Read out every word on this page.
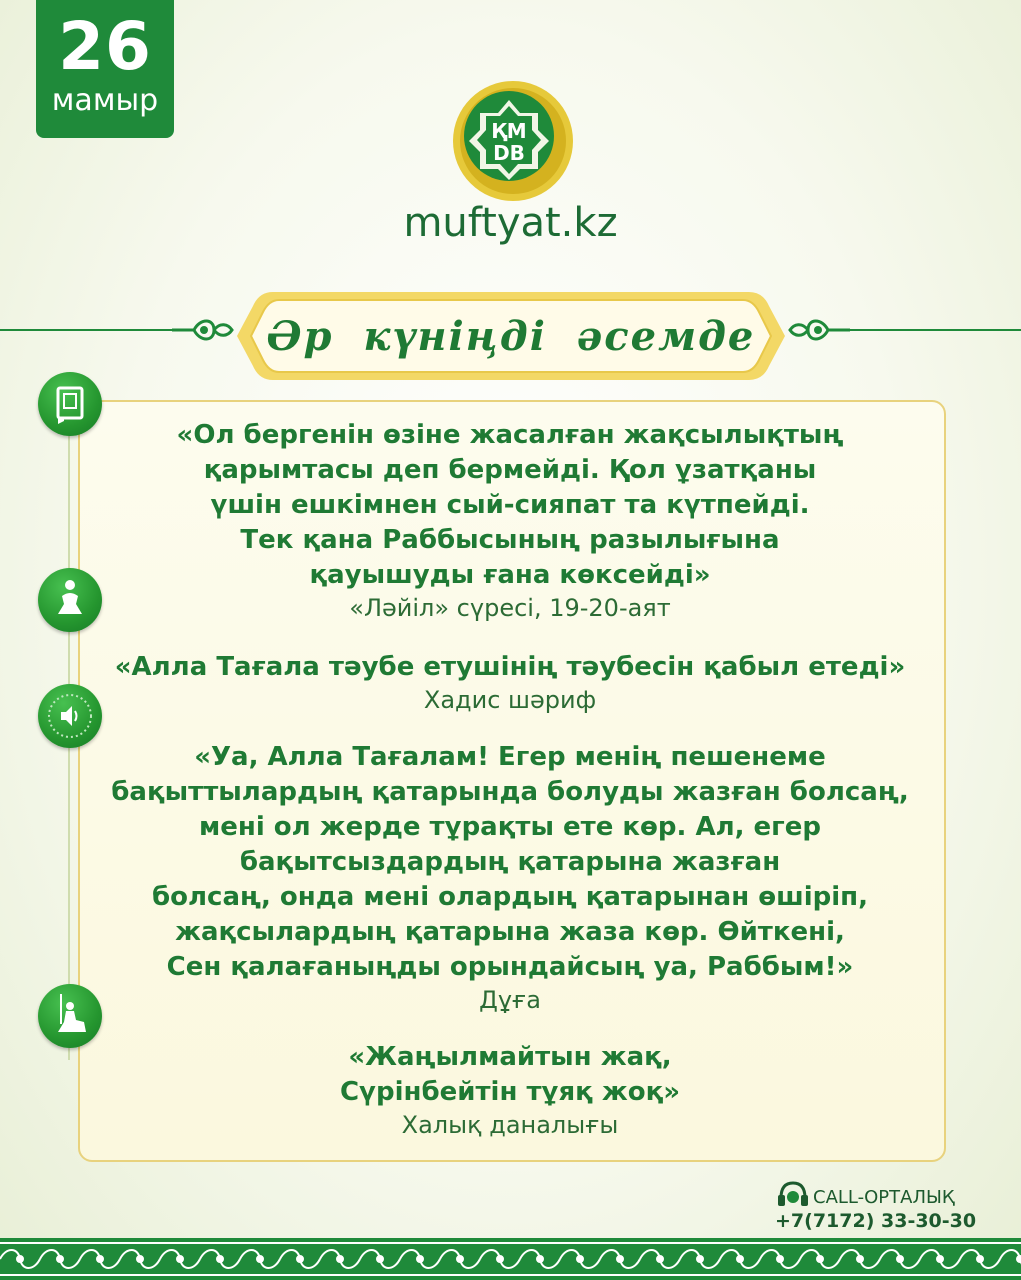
26
мамыр
ҚМ
DB
muftyat.kz
Әр күніңді әсемде
«Ол бергенін өзіне жасалған жақсылықтың
қарымтасы деп бермейді. Қол ұзатқаны
үшін ешкімнен сый-сияпат та күтпейді.
Тек қана Раббысының разылығына
қауышуды ғана көксейді»
«Ләйіл» сүресі, 19-20-аят
«Алла Тағала тәубе етушінің тәубесін қабыл етеді»
Хадис шәриф
«Уа, Алла Тағалам! Егер менің пешенеме
бақыттылардың қатарында болуды жазған болсаң,
мені ол жерде тұрақты ете көр. Ал, егер
бақытсыздардың қатарына жазған
болсаң, онда мені олардың қатарынан өшіріп,
жақсылардың қатарына жаза көр. Өйткені,
Сен қалағаныңды орындайсың уа, Раббым!»
Дұға
«Жаңылмайтын жақ,
Сүрінбейтін тұяқ жоқ»
Халық даналығы
CALL-ОРТАЛЫҚ
+7(7172) 33-30-30
